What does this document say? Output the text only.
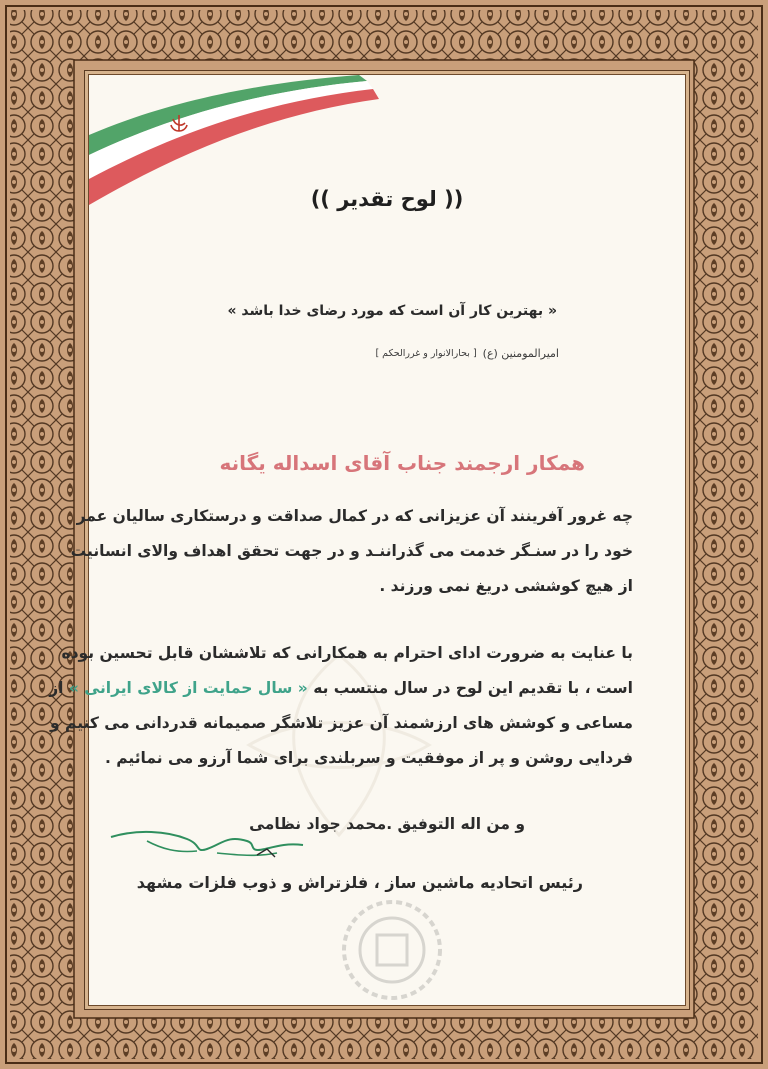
(( لوح تقدیر ))
« بهترین کار آن است که مورد رضای خدا باشد »
امیرالمومنین (ع)
[ بحارالانوار و غررالحکم ]
همکار ارجمند جناب آقای اسداله یگانه

چه غرور آفرینند آن عزیزانی که در کمال صداقت و درستکاری سالیان عمر

خود را در سنـگر خدمت می گذراننـد و در جهت تحقق اهداف والای انسانیت

از هیچ کوششی دریغ نمی ورزند .

با عنایت به ضرورت ادای احترام به همکارانی که تلاششان قابل تحسین بوده

است ، با تقدیم این لوح در سال منتسب به « سال حمایت از کالای ایرانی » از

مساعی و کوشش های ارزشمند آن عزیز تلاشگر صمیمانه قدردانی می کنیم و

فردایی روشن و پر از موفقیت و سربلندی برای شما آرزو می نمائیم .

و من اله التوفیق .محمد جواد نظامی
رئیس اتحادیه ماشین ساز ، فلزتراش و ذوب فلزات مشهد
